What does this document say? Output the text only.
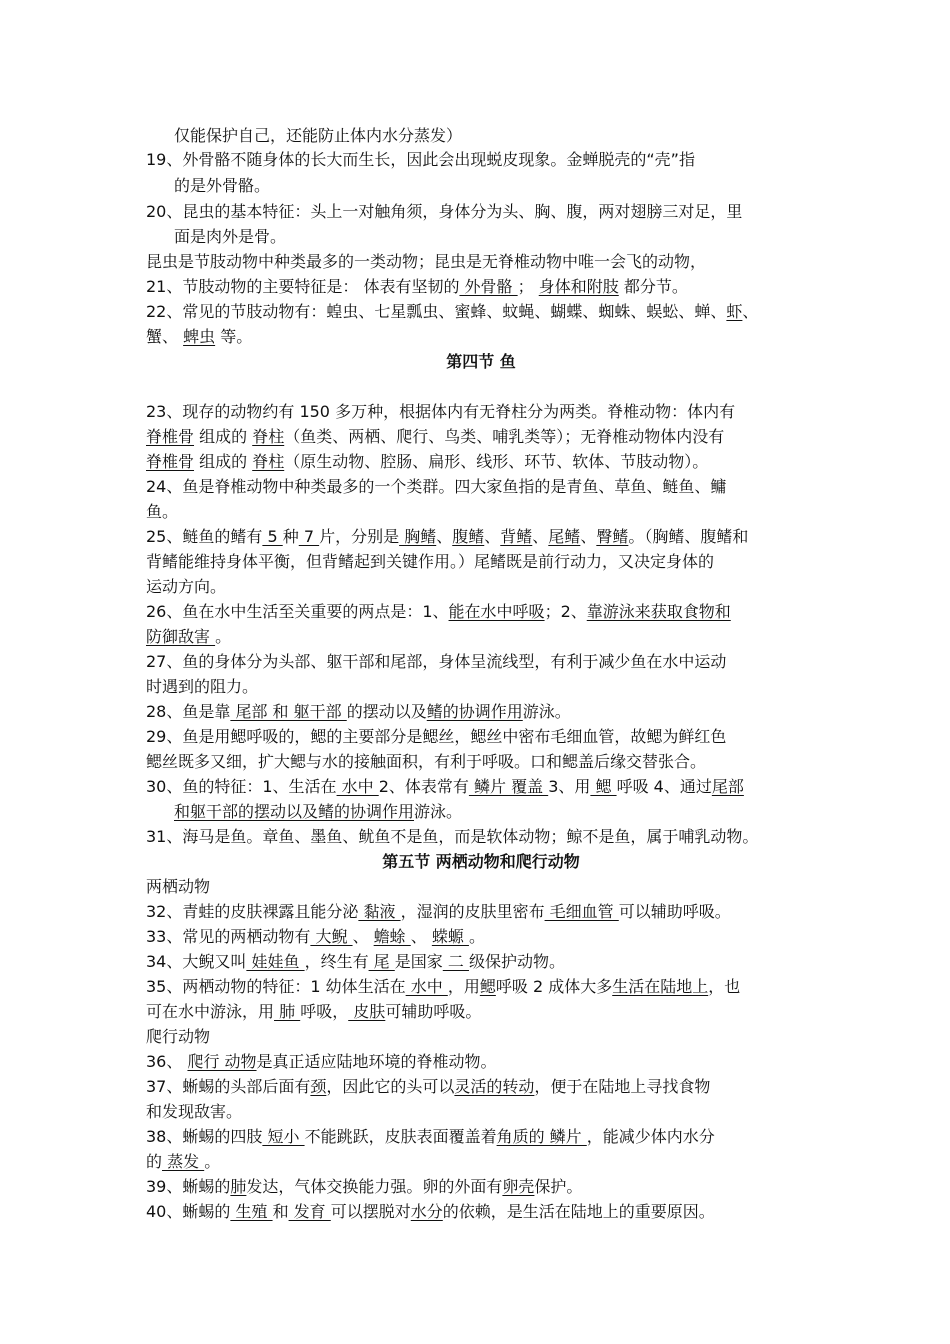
仅能保护自己，还能防止体内水分蒸发）
19、外骨骼不随身体的长大而生长，因此会出现蜕皮现象。金蝉脱壳的“壳”指
的是外骨骼。
20、昆虫的基本特征：头上一对触角须，身体分为头、胸、腹，两对翅膀三对足，里
面是肉外是骨。
昆虫是节肢动物中种类最多的一类动物；昆虫是无脊椎动物中唯一会飞的动物，
21、节肢动物的主要特征是： 体表有坚韧的 外骨骼 ； 身体和附肢 都分节。
22、常见的节肢动物有：蝗虫、七星瓢虫、蜜蜂、蚊蝇、蝴蝶、蜘蛛、蜈蚣、蝉、虾、
蟹、 蜱虫 等。
第四节 鱼
23、现存的动物约有 150 多万种，根据体内有无脊柱分为两类。脊椎动物：体内有
脊椎骨 组成的 脊柱（鱼类、两栖、爬行、鸟类、哺乳类等）；无脊椎动物体内没有
脊椎骨 组成的 脊柱（原生动物、腔肠、扁形、线形、环节、软体、节肢动物）。
24、鱼是脊椎动物中种类最多的一个类群。四大家鱼指的是青鱼、草鱼、鲢鱼、鳙
鱼。
25、鲢鱼的鳍有 5 种 7 片，分别是 胸鳍、腹鳍、背鳍、尾鳍、臀鳍。（胸鳍、腹鳍和
背鳍能维持身体平衡，但背鳍起到关键作用。）尾鳍既是前行动力，又决定身体的
运动方向。
26、鱼在水中生活至关重要的两点是：1、能在水中呼吸；2、靠游泳来获取食物和
防御敌害 。
27、鱼的身体分为头部、躯干部和尾部，身体呈流线型，有利于减少鱼在水中运动
时遇到的阻力。
28、鱼是靠 尾部 和 躯干部 的摆动以及鳍的协调作用游泳。
29、鱼是用鳃呼吸的，鳃的主要部分是鳃丝，鳃丝中密布毛细血管，故鳃为鲜红色
鳃丝既多又细，扩大鳃与水的接触面积，有利于呼吸。口和鳃盖后缘交替张合。
30、鱼的特征：1、生活在 水中 2、体表常有 鳞片 覆盖 3、用 鳃 呼吸 4、通过尾部
和躯干部的摆动以及鳍的协调作用游泳。
31、海马是鱼。章鱼、墨鱼、鱿鱼不是鱼，而是软体动物；鲸不是鱼，属于哺乳动物。
第五节 两栖动物和爬行动物
两栖动物
32、青蛙的皮肤裸露且能分泌 黏液 ，湿润的皮肤里密布 毛细血管 可以辅助呼吸。
33、常见的两栖动物有 大鲵 、 蟾蜍 、 蝾螈 。
34、大鲵又叫 娃娃鱼 ，终生有 尾 是国家 二 级保护动物。
35、两栖动物的特征：1 幼体生活在 水中 ，用鳃呼吸 2 成体大多生活在陆地上，也
可在水中游泳，用 肺 呼吸， 皮肤可辅助呼吸。
爬行动物
36、 爬行 动物是真正适应陆地环境的脊椎动物。
37、蜥蜴的头部后面有颈，因此它的头可以灵活的转动，便于在陆地上寻找食物
和发现敌害。
38、蜥蜴的四肢 短小 不能跳跃，皮肤表面覆盖着角质的 鳞片 ，能减少体内水分
的 蒸发 。
39、蜥蜴的肺发达，气体交换能力强。卵的外面有卵壳保护。
40、蜥蜴的 生殖 和 发育 可以摆脱对水分的依赖，是生活在陆地上的重要原因。
